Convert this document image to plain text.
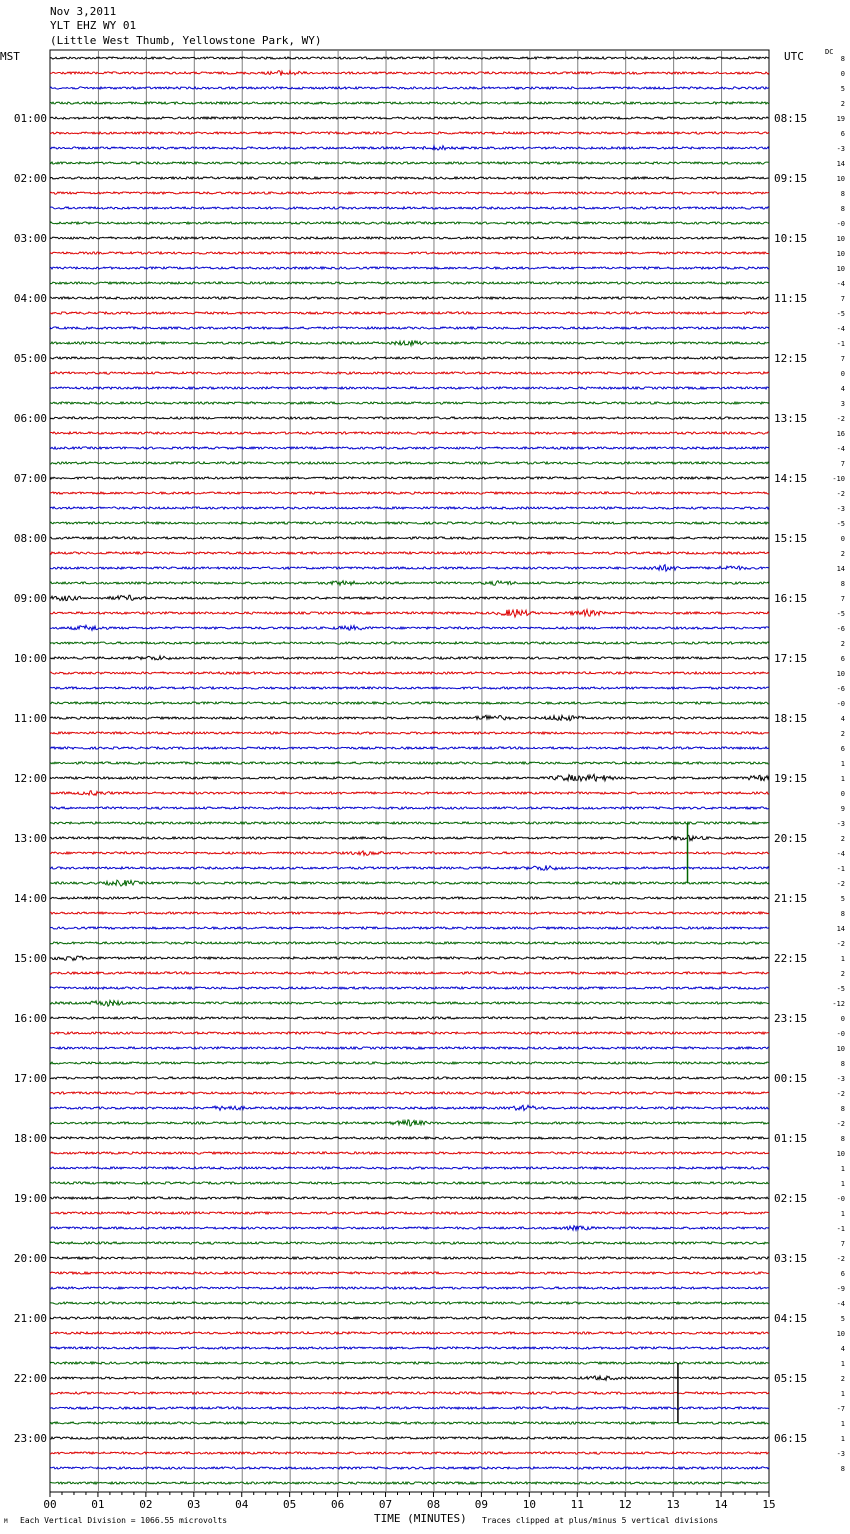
Nov 3,2011
YLT EHZ WY 01
(Little West Thumb, Yellowstone Park, WY)
MST	UTC	DC
8
0
5
2
19
6
-3
14
10
8
8
-0
10
10
10
-4
7
-5
-4
-1
7
0
4
3
-2
16
-4
7
-10
-2
-3
-5
0
2
14
8
7
-5
-6
2
6
10
-6
-0
4
2
6
1
1
0
9
-3
2
-4
-1
-2
5
8
14
-2
1
2
-5
-12
0
-0
10
8
-3
-2
8
-2
8
10
1
1
-0
1
-1
7
-2
6
-9
-4
5
10
4
1
2
1
-7
1
1
-3
8
01:00
02:00
03:00
04:00
05:00
06:00
07:00
08:00
09:00
10:00
11:00
12:00
13:00
14:00
15:00
16:00
17:00
18:00
19:00
20:00
21:00
22:00
23:00
08:15
09:15
10:15
11:15
12:15
13:15
14:15
15:15
16:15
17:15
18:15
19:15
20:15
21:15
22:15
23:15
00:15
01:15
02:15
03:15
04:15
05:15
06:15
00	01	02	03	04	05	06	07	08	09	10	11	12	13	14	15
TIME (MINUTES)
M Each Vertical Division = 1066.55 microvolts	Traces clipped at plus/minus 5 vertical divisions
